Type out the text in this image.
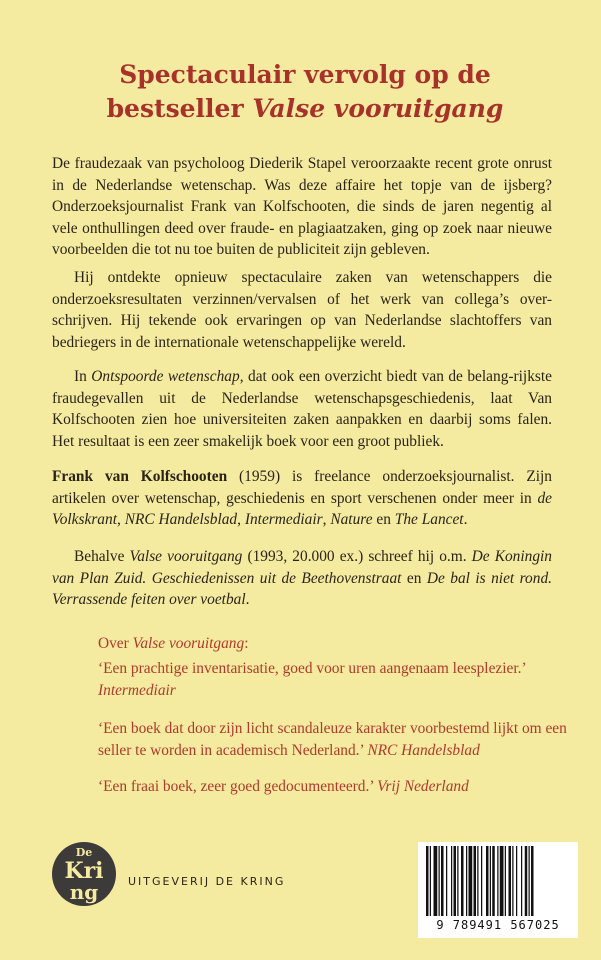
Spectaculair vervolg op de
bestseller Valse vooruitgang

De fraudezaak van psycholoog Diederik Stapel veroorzaakte recent grote onrust in de Nederlandse wetenschap. Was deze affaire het topje van de ijsberg? Onderzoeksjournalist Frank van Kolfschooten, die sinds de jaren negentig al vele onthullingen deed over fraude- en plagiaatzaken, ging op zoek naar nieuwe voorbeelden die tot nu toe buiten de publiciteit zijn gebleven.

Hij ontdekte opnieuw spectaculaire zaken van wetenschappers die onderzoeksresultaten verzinnen/vervalsen of het werk van collega’s over-schrijven. Hij tekende ook ervaringen op van Nederlandse slachtoffers van bedriegers in de internationale wetenschappelijke wereld.

In Ontspoorde wetenschap, dat ook een overzicht biedt van de belang-rijkste fraudegevallen uit de Nederlandse wetenschapsgeschiedenis, laat Van Kolfschooten zien hoe universiteiten zaken aanpakken en daarbij soms falen. Het resultaat is een zeer smakelijk boek voor een groot publiek.

Frank van Kolfschooten (1959) is freelance onderzoeksjournalist. Zijn artikelen over wetenschap, geschiedenis en sport verschenen onder meer in de Volkskrant, NRC Handelsblad, Intermediair, Nature en The Lancet.

Behalve Valse vooruitgang (1993, 20.000 ex.) schreef hij o.m. De Koningin van Plan Zuid. Geschiedenissen uit de Beethovenstraat en De bal is niet rond. Verrassende feiten over voetbal.

Over Valse vooruitgang:

‘Een prachtige inventarisatie, goed voor uren aangenaam leesplezier.’ Intermediair

‘Een boek dat door zijn licht scandaleuze karakter voorbestemd lijkt om een seller te worden in academisch Nederland.’ NRC Handelsblad

‘Een fraai boek, zeer goed gedocumenteerd.’ Vrij Nederland

De
Kri
ng	UITGEVERIJ DE KRING
9 789491 567025
